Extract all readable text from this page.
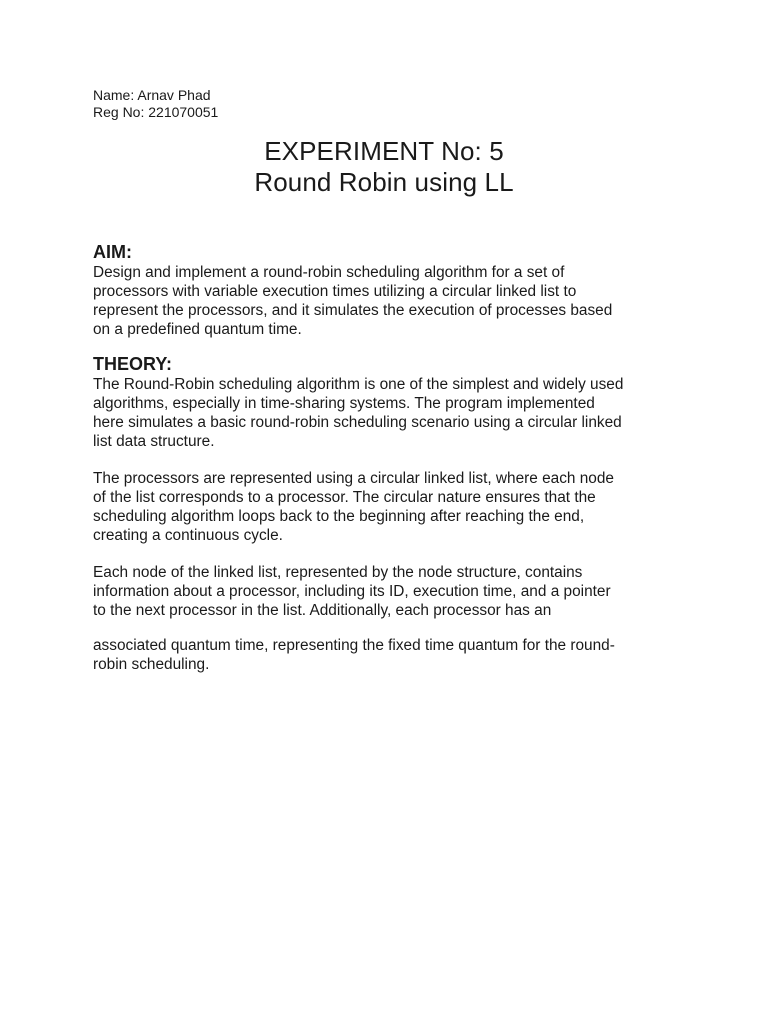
Name: Arnav Phad
Reg No: 221070051
EXPERIMENT No: 5
Round Robin using LL
AIM:

Design and implement a round-robin scheduling algorithm for a set of
processors with variable execution times utilizing a circular linked list to
represent the processors, and it simulates the execution of processes based
on a predefined quantum time.

THEORY:

The Round-Robin scheduling algorithm is one of the simplest and widely used
algorithms, especially in time-sharing systems. The program implemented
here simulates a basic round-robin scheduling scenario using a circular linked
list data structure.

The processors are represented using a circular linked list, where each node
of the list corresponds to a processor. The circular nature ensures that the
scheduling algorithm loops back to the beginning after reaching the end,
creating a continuous cycle.

Each node of the linked list, represented by the node structure, contains
information about a processor, including its ID, execution time, and a pointer
to the next processor in the list. Additionally, each processor has an

associated quantum time, representing the fixed time quantum for the round-
robin scheduling.
